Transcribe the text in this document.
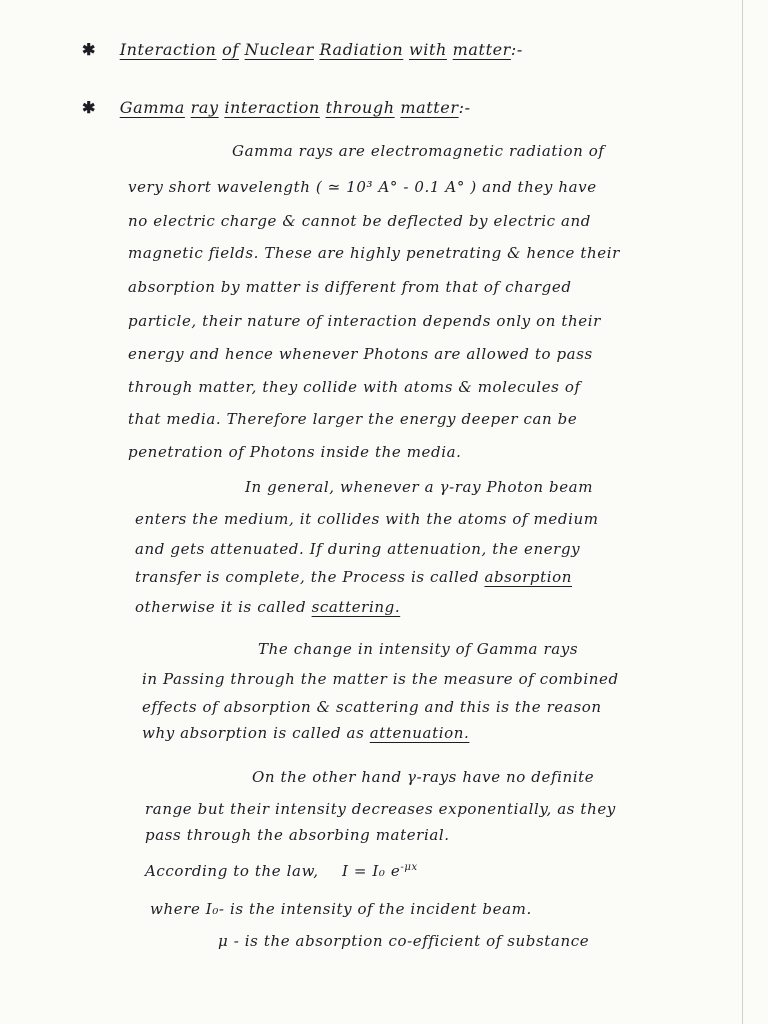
✱ Interaction of Nuclear Radiation with matter:-
✱ Gamma ray interaction through matter:-
Gamma rays are electromagnetic radiation of
very short wavelength ( ≃ 10³ A° - 0.1 A° ) and they have
no electric charge & cannot be deflected by electric and
magnetic fields. These are highly penetrating & hence their
absorption by matter is different from that of charged
particle, their nature of interaction depends only on their
energy and hence whenever Photons are allowed to pass
through matter, they collide with atoms & molecules of
that media. Therefore larger the energy deeper can be
penetration of Photons inside the media.
In general, whenever a γ-ray Photon beam
enters the medium, it collides with the atoms of medium
and gets attenuated. If during attenuation, the energy
transfer is complete, the Process is called absorption
otherwise it is called scattering.
The change in intensity of Gamma rays
in Passing through the matter is the measure of combined
effects of absorption & scattering and this is the reason
why absorption is called as attenuation.
On the other hand γ-rays have no definite
range but their intensity decreases exponentially, as they
pass through the absorbing material.
According to the law, I = I₀ $e^{-\mu x}$
where I₀- is the intensity of the incident beam.
μ - is the absorption co-efficient of substance
